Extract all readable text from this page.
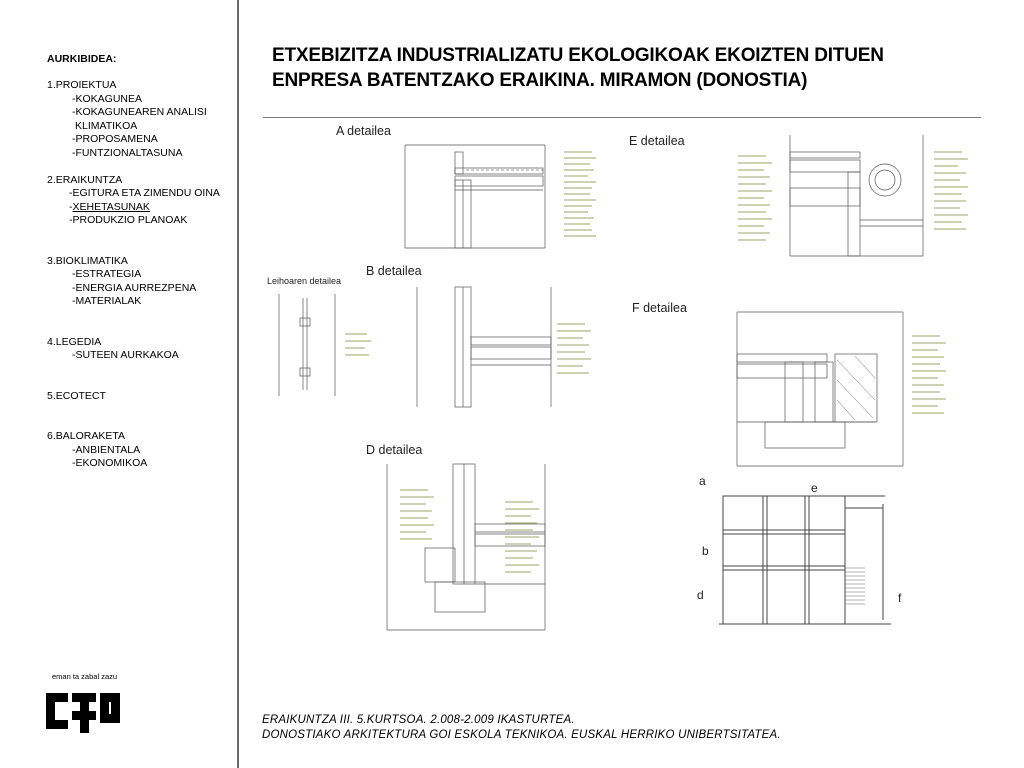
AURKIBIDEA:
1.PROIEKTUA
-KOKAGUNEA
-KOKAGUNEAREN ANALISI
KLIMATIKOA
-PROPOSAMENA
-FUNTZIONALTASUNA
2.ERAIKUNTZA
-EGITURA ETA ZIMENDU OINA
-XEHETASUNAK
-PRODUKZIO PLANOAK
3.BIOKLIMATIKA
-ESTRATEGIA
-ENERGIA AURREZPENA
-MATERIALAK
4.LEGEDIA
-SUTEEN AURKAKOA
5.ECOTECT
6.BALORAKETA
-ANBIENTALA
-EKONOMIKOA
eman ta zabal zazu
ETXEBIZITZA INDUSTRIALIZATU EKOLOGIKOAK EKOIZTEN DITUEN
ENPRESA BATENTZAKO ERAIKINA. MIRAMON (DONOSTIA)
A detailea
E detailea
B detailea
Leihoaren detailea
F detailea
D detailea
a	e
b
d	f
ERAIKUNTZA III. 5.KURTSOA. 2.008-2.009 IKASTURTEA.
DONOSTIAKO ARKITEKTURA GOI ESKOLA TEKNIKOA. EUSKAL HERRIKO UNIBERTSITATEA.
